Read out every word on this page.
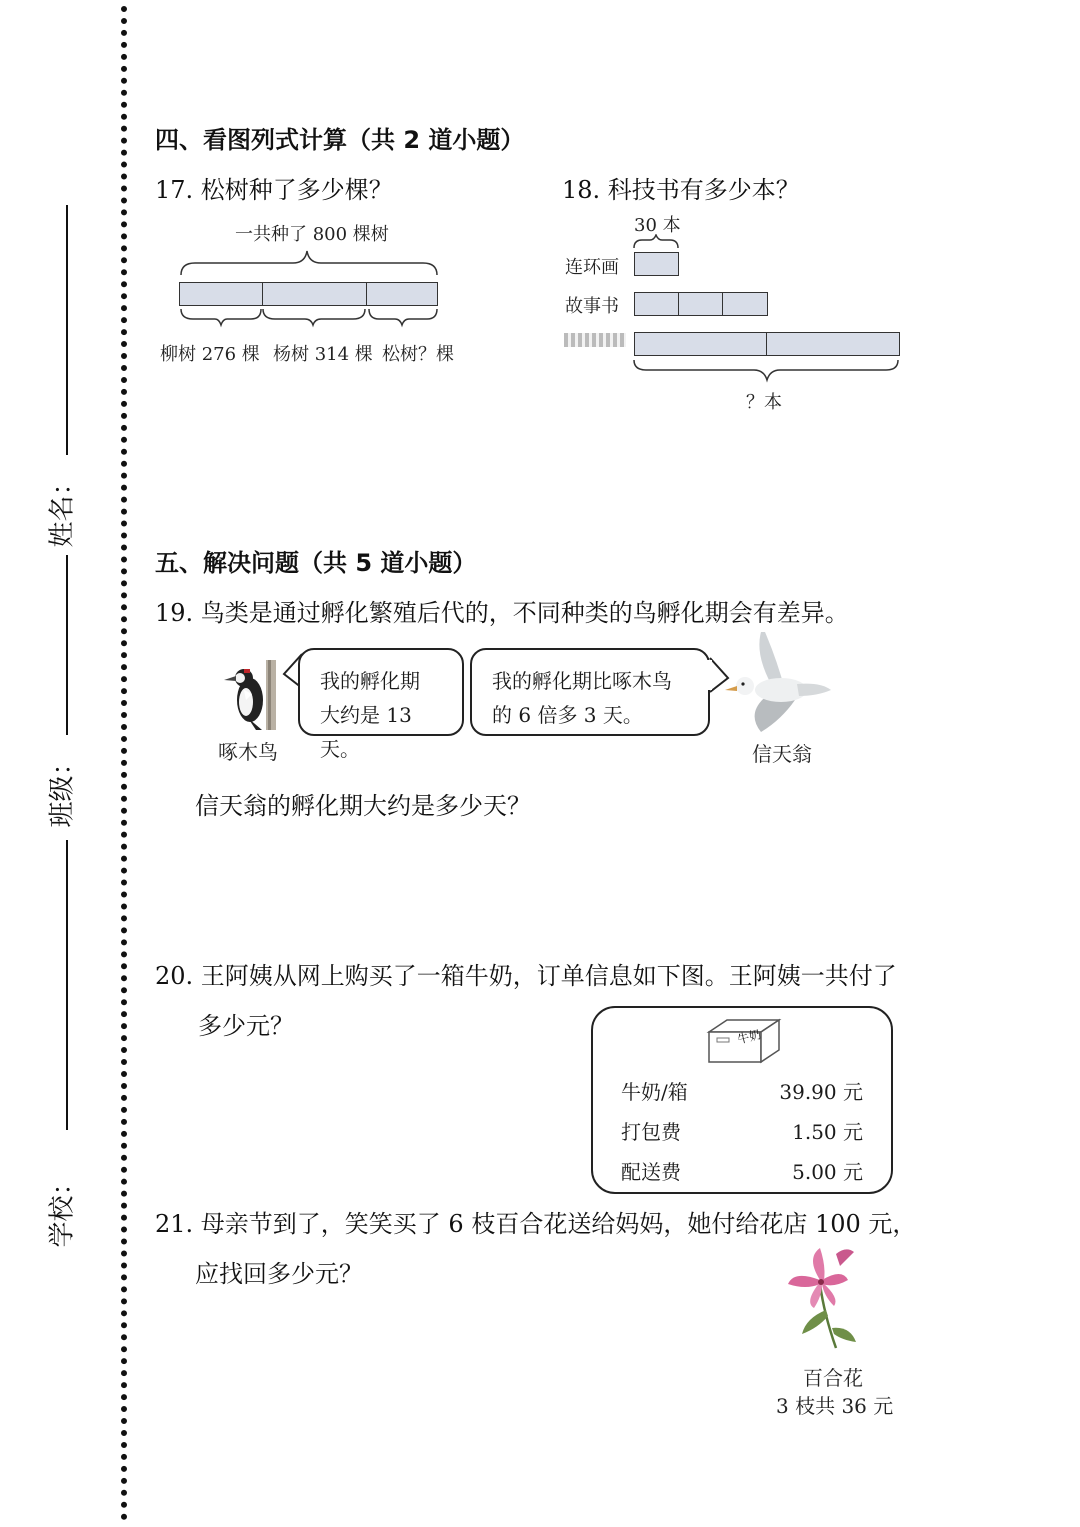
姓名：
班级：
学校：
四、看图列式计算（共 2 道小题）
17. 松树种了多少棵？
一共种了 800 棵树
柳树 276 棵 杨树 314 棵 松树？棵
18. 科技书有多少本？
30 本
连环画
故事书
？本
五、解决问题（共 5 道小题）
19. 鸟类是通过孵化繁殖后代的，不同种类的鸟孵化期会有差异。
啄木鸟
我的孵化期
大约是 13 天。
我的孵化期比啄木鸟
的 6 倍多 3 天。
信天翁
信天翁的孵化期大约是多少天？
20. 王阿姨从网上购买了一箱牛奶，订单信息如下图。王阿姨一共付了
多少元？	牛奶
牛奶/箱	39.90 元
打包费	1.50 元
配送费	5.00 元
21. 母亲节到了，笑笑买了 6 枝百合花送给妈妈，她付给花店 100 元，
应找回多少元？
百合花
3 枝共 36 元
